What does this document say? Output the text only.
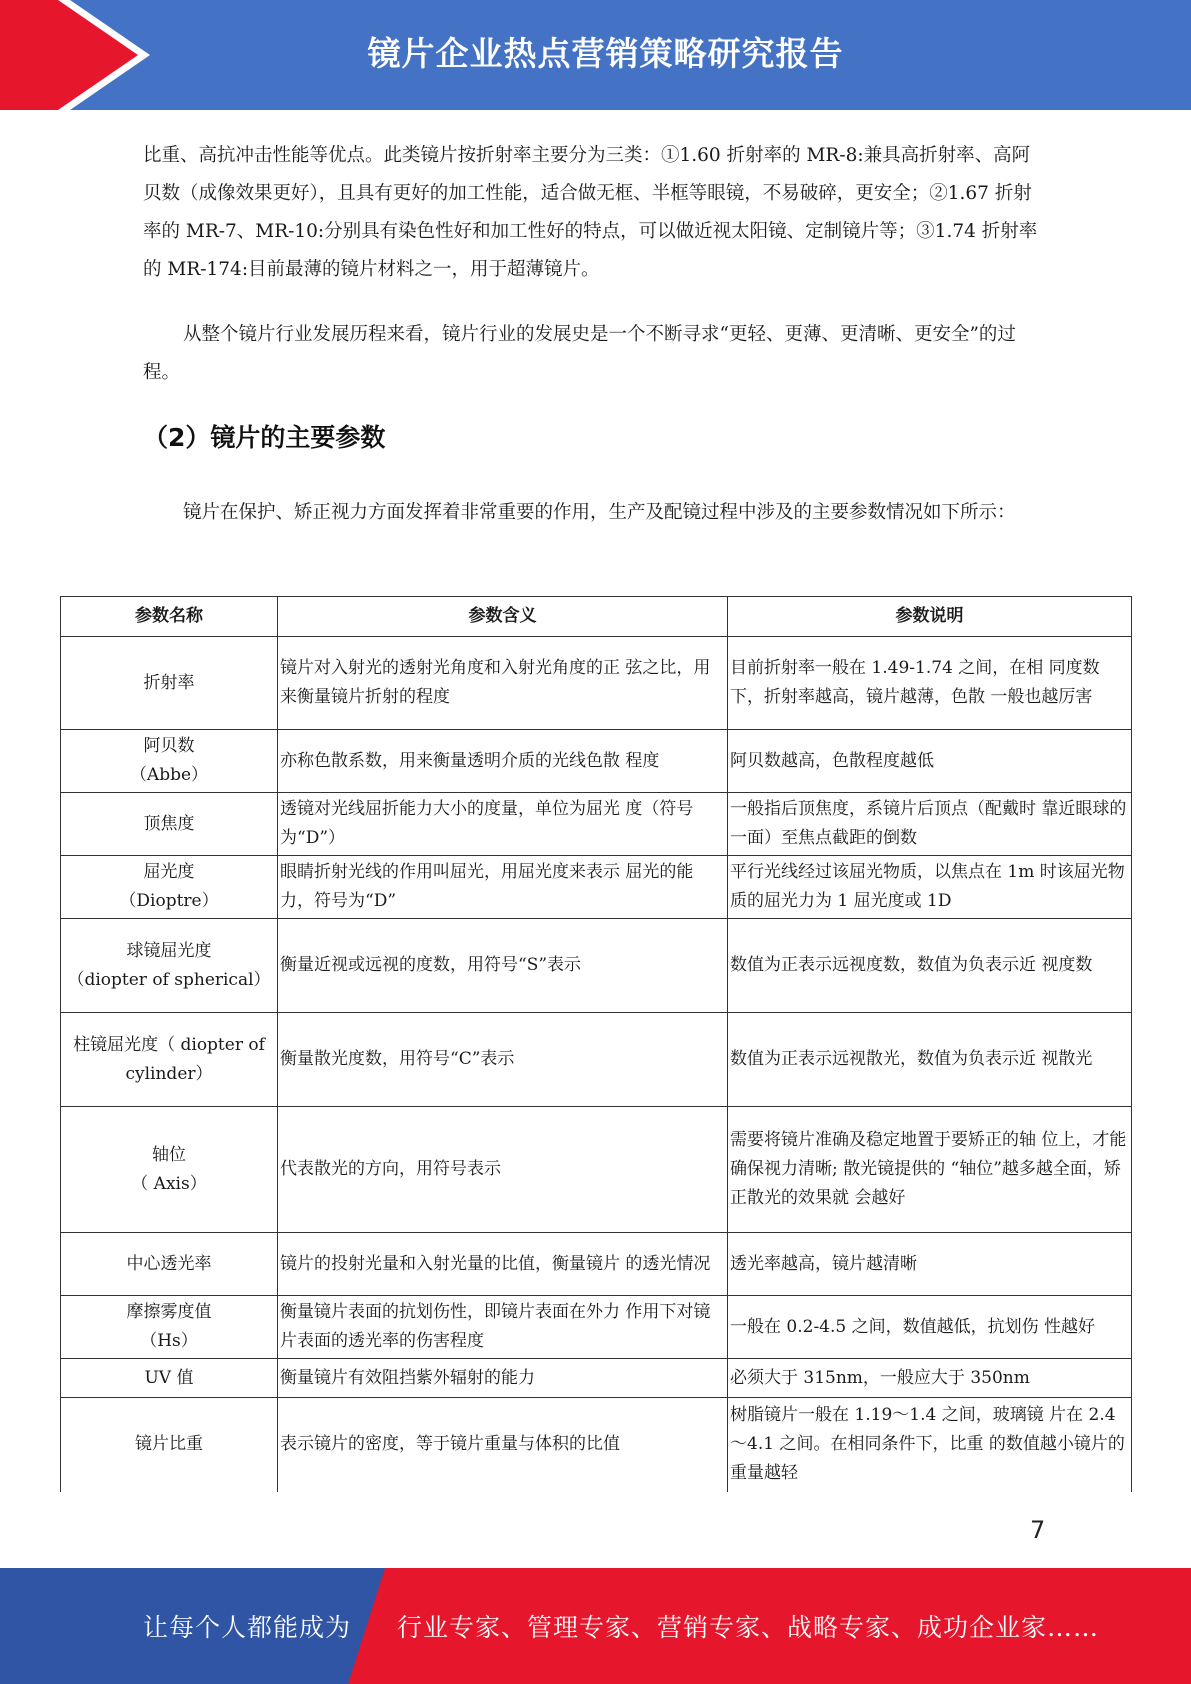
镜片企业热点营销策略研究报告

比重、高抗冲击性能等优点。此类镜片按折射率主要分为三类：①1.60 折射率的 MR-8:兼具高折射率、高阿贝数（成像效果更好），且具有更好的加工性能，适合做无框、半框等眼镜，不易破碎，更安全；②1.67 折射率的 MR-7、MR-10:分别具有染色性好和加工性好的特点，可以做近视太阳镜、定制镜片等；③1.74 折射率的 MR-174:目前最薄的镜片材料之一，用于超薄镜片。

从整个镜片行业发展历程来看，镜片行业的发展史是一个不断寻求“更轻、更薄、更清晰、更安全”的过程。

（2）镜片的主要参数

镜片在保护、矫正视力方面发挥着非常重要的作用，生产及配镜过程中涉及的主要参数情况如下所示：

参数名称	参数含义	参数说明

折射率	镜片对入射光的透射光角度和入射光角度的正 弦之比，用来衡量镜片折射的程度	目前折射率一般在 1.49-1.74 之间，在相 同度数下，折射率越高，镜片越薄，色散 一般也越厉害

阿贝数
（Abbe）	亦称色散系数，用来衡量透明介质的光线色散 程度	阿贝数越高，色散程度越低

顶焦度	透镜对光线屈折能力大小的度量，单位为屈光 度（符号为“D”）	一般指后顶焦度，系镜片后顶点（配戴时 靠近眼球的一面）至焦点截距的倒数

屈光度
（Dioptre）	眼睛折射光线的作用叫屈光，用屈光度来表示 屈光的能力，符号为“D”	平行光线经过该屈光物质，以焦点在 1m 时该屈光物质的屈光力为 1 屈光度或 1D

球镜屈光度
（diopter of spherical）	衡量近视或远视的度数，用符号“S”表示	数值为正表示远视度数，数值为负表示近 视度数

柱镜屈光度（ diopter of
cylinder）	衡量散光度数，用符号“C”表示	数值为正表示远视散光，数值为负表示近 视散光

轴位
（ Axis）	代表散光的方向，用符号表示	需要将镜片准确及稳定地置于要矫正的轴 位上，才能确保视力清晰; 散光镜提供的 “轴位”越多越全面，矫正散光的效果就 会越好

中心透光率	镜片的投射光量和入射光量的比值，衡量镜片 的透光情况	透光率越高，镜片越清晰

摩擦雾度值
（Hs）	衡量镜片表面的抗划伤性，即镜片表面在外力 作用下对镜片表面的透光率的伤害程度	一般在 0.2-4.5 之间，数值越低，抗划伤 性越好

UV 值	衡量镜片有效阻挡紫外辐射的能力	必须大于 315nm，一般应大于 350nm

镜片比重	表示镜片的密度，等于镜片重量与体积的比值	树脂镜片一般在 1.19～1.4 之间，玻璃镜 片在 2.4～4.1 之间。在相同条件下，比重 的数值越小镜片的重量越轻
7
让每个人都能成为 行业专家、管理专家、营销专家、战略专家、成功企业家……
